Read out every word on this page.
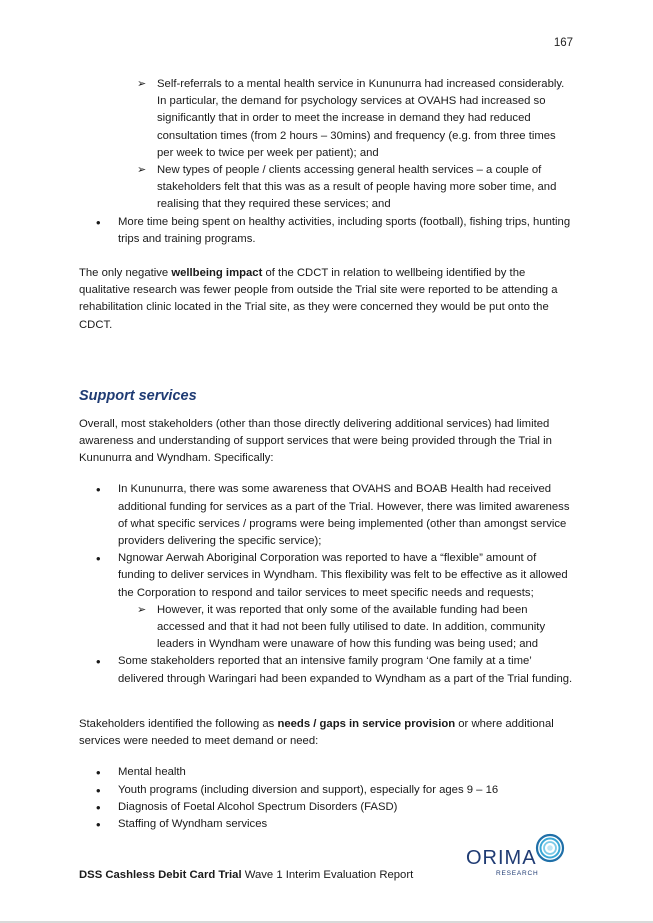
167
➢ Self-referrals to a mental health service in Kununurra had increased considerably. In particular, the demand for psychology services at OVAHS had increased so significantly that in order to meet the increase in demand they had reduced consultation times (from 2 hours – 30mins) and frequency (e.g. from three times per week to twice per week per patient); and
➢ New types of people / clients accessing general health services – a couple of stakeholders felt that this was as a result of people having more sober time, and realising that they required these services; and
• More time being spent on healthy activities, including sports (football), fishing trips, hunting trips and training programs.

The only negative wellbeing impact of the CDCT in relation to wellbeing identified by the qualitative research was fewer people from outside the Trial site were reported to be attending a rehabilitation clinic located in the Trial site, as they were concerned they would be put onto the CDCT.

Support services

Overall, most stakeholders (other than those directly delivering additional services) had limited awareness and understanding of support services that were being provided through the Trial in Kununurra and Wyndham. Specifically:

• In Kununurra, there was some awareness that OVAHS and BOAB Health had received additional funding for services as a part of the Trial. However, there was limited awareness of what specific services / programs were being implemented (other than amongst service providers delivering the specific service);
• Ngnowar Aerwah Aboriginal Corporation was reported to have a “flexible” amount of funding to deliver services in Wyndham. This flexibility was felt to be effective as it allowed the Corporation to respond and tailor services to meet specific needs and requests;
➢ However, it was reported that only some of the available funding had been accessed and that it had not been fully utilised to date. In addition, community leaders in Wyndham were unaware of how this funding was being used; and
• Some stakeholders reported that an intensive family program ‘One family at a time’ delivered through Waringari had been expanded to Wyndham as a part of the Trial funding.

Stakeholders identified the following as needs / gaps in service provision or where additional services were needed to meet demand or need:

• Mental health
• Youth programs (including diversion and support), especially for ages 9 – 16
• Diagnosis of Foetal Alcohol Spectrum Disorders (FASD)
• Staffing of Wyndham services
ORIMA
RESEARCH
DSS Cashless Debit Card Trial Wave 1 Interim Evaluation Report
